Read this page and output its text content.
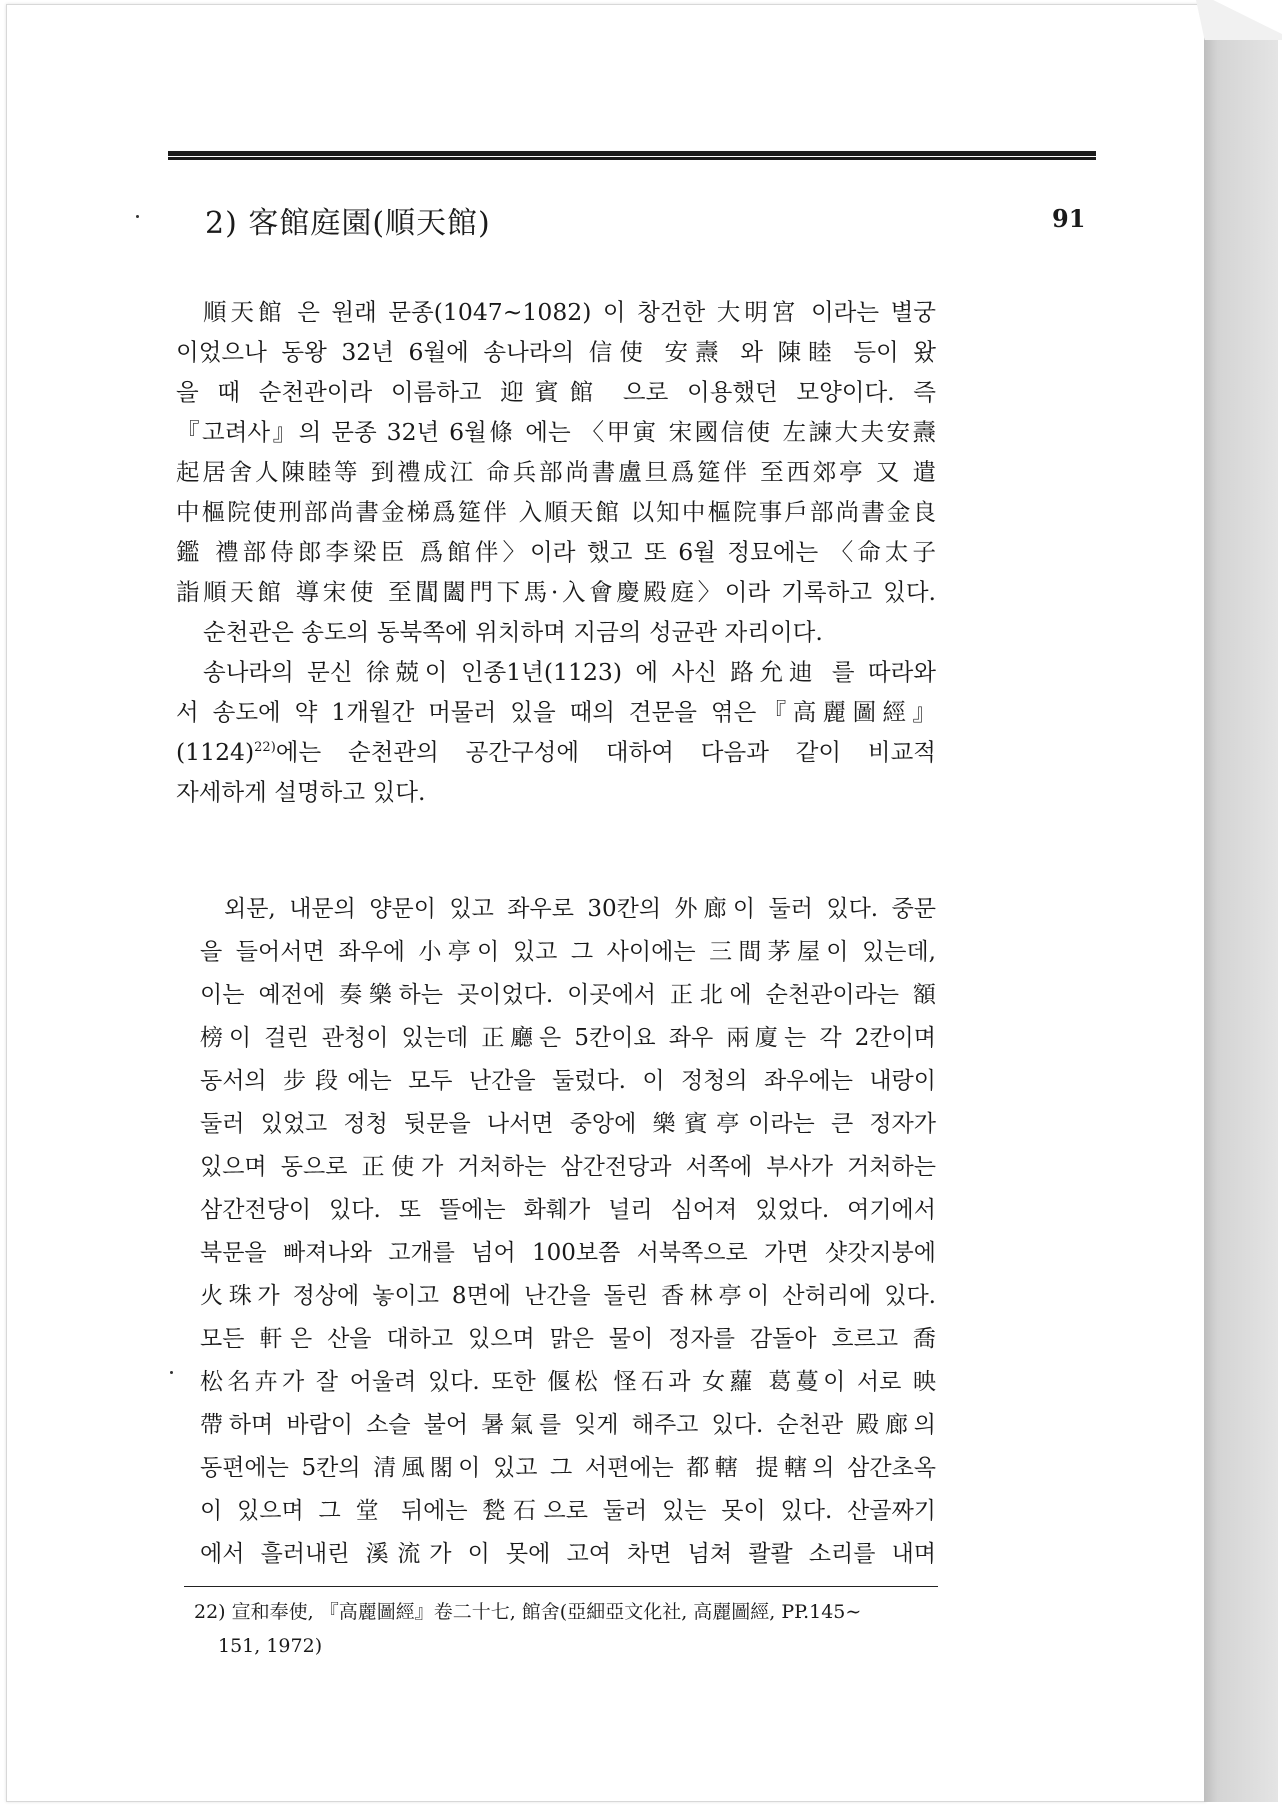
2) 客館庭園(順天館)	91
順天館 은 원래 문종(1047∼1082) 이 창건한 大明宮 이라는 별궁
이었으나 동왕 32년 6월에 송나라의 信使 安燾 와 陳睦 등이 왔
을 때 순천관이라 이름하고 迎賓館 으로 이용했던 모양이다. 즉
『고려사』의 문종 32년 6월條 에는 〈甲寅 宋國信使 左諫大夫安燾
起居舍人陳睦等 到禮成江 命兵部尚書盧旦爲筵伴 至西郊亭 又 遣
中樞院使刑部尚書金梯爲筵伴 入順天館 以知中樞院事戶部尚書金良
鑑 禮部侍郎李梁臣 爲館伴〉이라 했고 또 6월 정묘에는 〈命太子
詣順天館 導宋使 至閶闔門下馬·入會慶殿庭〉이라 기록하고 있다.
순천관은 송도의 동북쪽에 위치하며 지금의 성균관 자리이다.
송나라의 문신 徐兢이 인종1년(1123) 에 사신 路允迪 를 따라와
서 송도에 약 1개월간 머물러 있을 때의 견문을 엮은『高麗圖經』
$(1124)^{22)}$에는 순천관의 공간구성에 대하여 다음과 같이 비교적
자세하게 설명하고 있다.
외문, 내문의 양문이 있고 좌우로 30칸의 外廊이 둘러 있다. 중문
을 들어서면 좌우에 小亭이 있고 그 사이에는 三間茅屋이 있는데,
이는 예전에 奏樂하는 곳이었다. 이곳에서 正北에 순천관이라는 額
榜이 걸린 관청이 있는데 正廳은 5칸이요 좌우 兩廈는 각 2칸이며
동서의 步段에는 모두 난간을 둘렀다. 이 정청의 좌우에는 내랑이
둘러 있었고 정청 뒷문을 나서면 중앙에 樂賓亭이라는 큰 정자가
있으며 동으로 正使가 거처하는 삼간전당과 서쪽에 부사가 거처하는
삼간전당이 있다. 또 뜰에는 화훼가 널리 심어져 있었다. 여기에서
북문을 빠져나와 고개를 넘어 100보쯤 서북쪽으로 가면 샷갓지붕에
火珠가 정상에 놓이고 8면에 난간을 돌린 香林亭이 산허리에 있다.
모든 軒은 산을 대하고 있으며 맑은 물이 정자를 감돌아 흐르고 喬
松名卉가 잘 어울려 있다. 또한 偃松 怪石과 女蘿 葛蔓이 서로 映
帶하며 바람이 소슬 불어 暑氣를 잊게 해주고 있다. 순천관 殿廊의
동편에는 5칸의 清風閣이 있고 그 서편에는 都轄 提轄의 삼간초옥
이 있으며 그 堂 뒤에는 甃石으로 둘러 있는 못이 있다. 산골짜기
에서 흘러내린 溪流가 이 못에 고여 차면 넘쳐 콸콸 소리를 내며
22) 宣和奉使, 『高麗圖經』卷二十七, 館舍(亞細亞文化社, 高麗圖經, PP.145∼
151, 1972)
